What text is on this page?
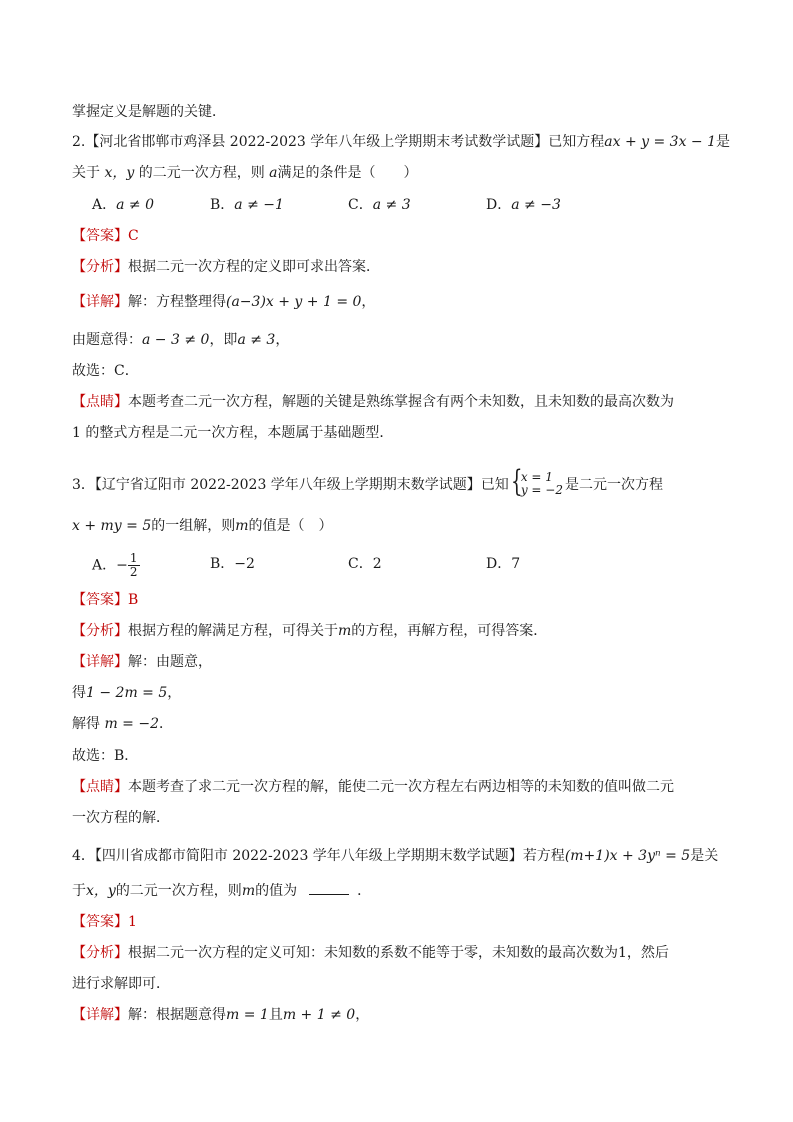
掌握定义是解题的关键．
2.【河北省邯郸市鸡泽县 2022-2023 学年八年级上学期期末考试数学试题】已知方程ax + y = 3x − 1是
关于 x，y 的二元一次方程，则 a满足的条件是（　　）
A．a ≠ 0	B．a ≠ −1	C．a ≠ 3	D．a ≠ −3
【答案】C
【分析】根据二元一次方程的定义即可求出答案．
【详解】解：方程整理得(a−3)x + y + 1 = 0，
由题意得：a − 3 ≠ 0，即a ≠ 3，
故选：C．
【点睛】本题考查二元一次方程，解题的关键是熟练掌握含有两个未知数，且未知数的最高次数为
1 的整式方程是二元一次方程，本题属于基础题型．
3．【辽宁省辽阳市 2022-2023 学年八年级上学期期末数学试题】已知 {
x = 1
y = −2 是二元一次方程
x + my = 5的一组解，则m的值是（　）
A．− $\frac{1}{2}$	B．−2	C．2	D．7
【答案】B
【分析】根据方程的解满足方程，可得关于m的方程，再解方程，可得答案．
【详解】解：由题意，
得1 − 2m = 5，
解得 m = −2．
故选：B．
【点睛】本题考查了求二元一次方程的解，能使二元一次方程左右两边相等的未知数的值叫做二元
一次方程的解．
4．【四川省成都市简阳市 2022-2023 学年八年级上学期期末数学试题】若方程(m+1)x + 3yⁿ = 5是关
于x，y的二元一次方程，则m的值为	．
【答案】1
【分析】根据二元一次方程的定义可知：未知数的系数不能等于零，未知数的最高次数为1，然后
进行求解即可．
【详解】解：根据题意得m = 1且m + 1 ≠ 0，
